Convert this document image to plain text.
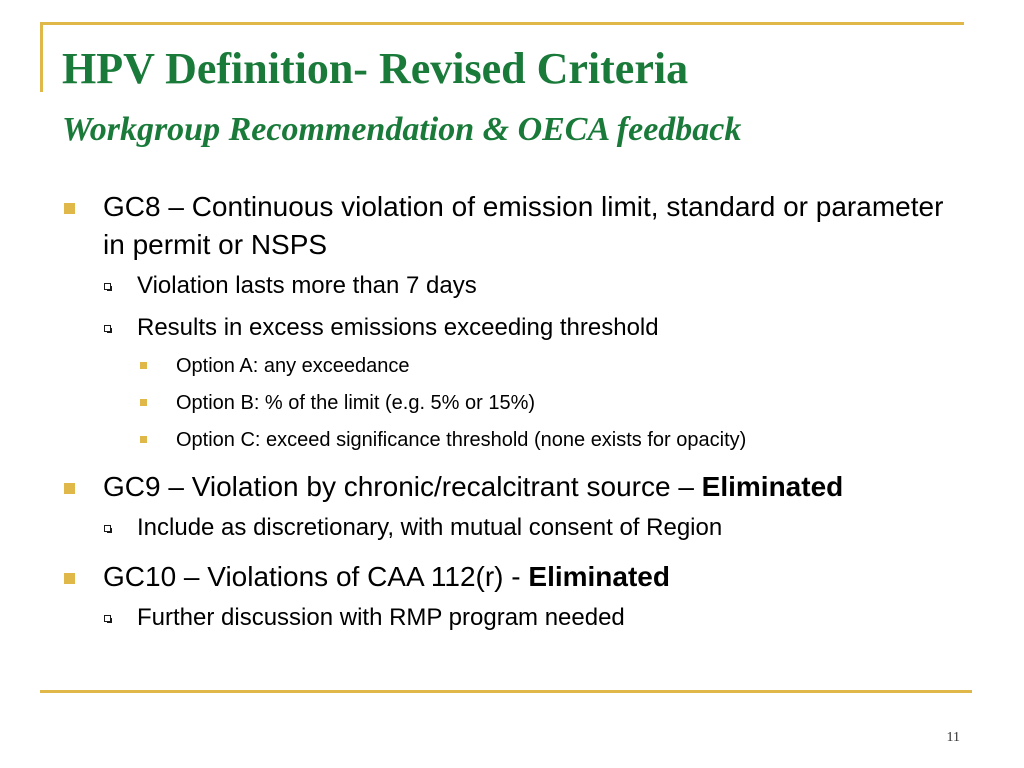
HPV Definition- Revised Criteria
Workgroup Recommendation & OECA feedback
GC8 – Continuous violation of emission limit, standard or parameter in permit or NSPS
Violation lasts more than 7 days
Results in excess emissions exceeding threshold
Option A: any exceedance
Option B: % of the limit (e.g. 5% or 15%)
Option C: exceed significance threshold (none exists for opacity)
GC9 – Violation by chronic/recalcitrant source – Eliminated
Include as discretionary, with mutual consent of Region
GC10 – Violations of CAA 112(r) - Eliminated
Further discussion with RMP program needed
11
